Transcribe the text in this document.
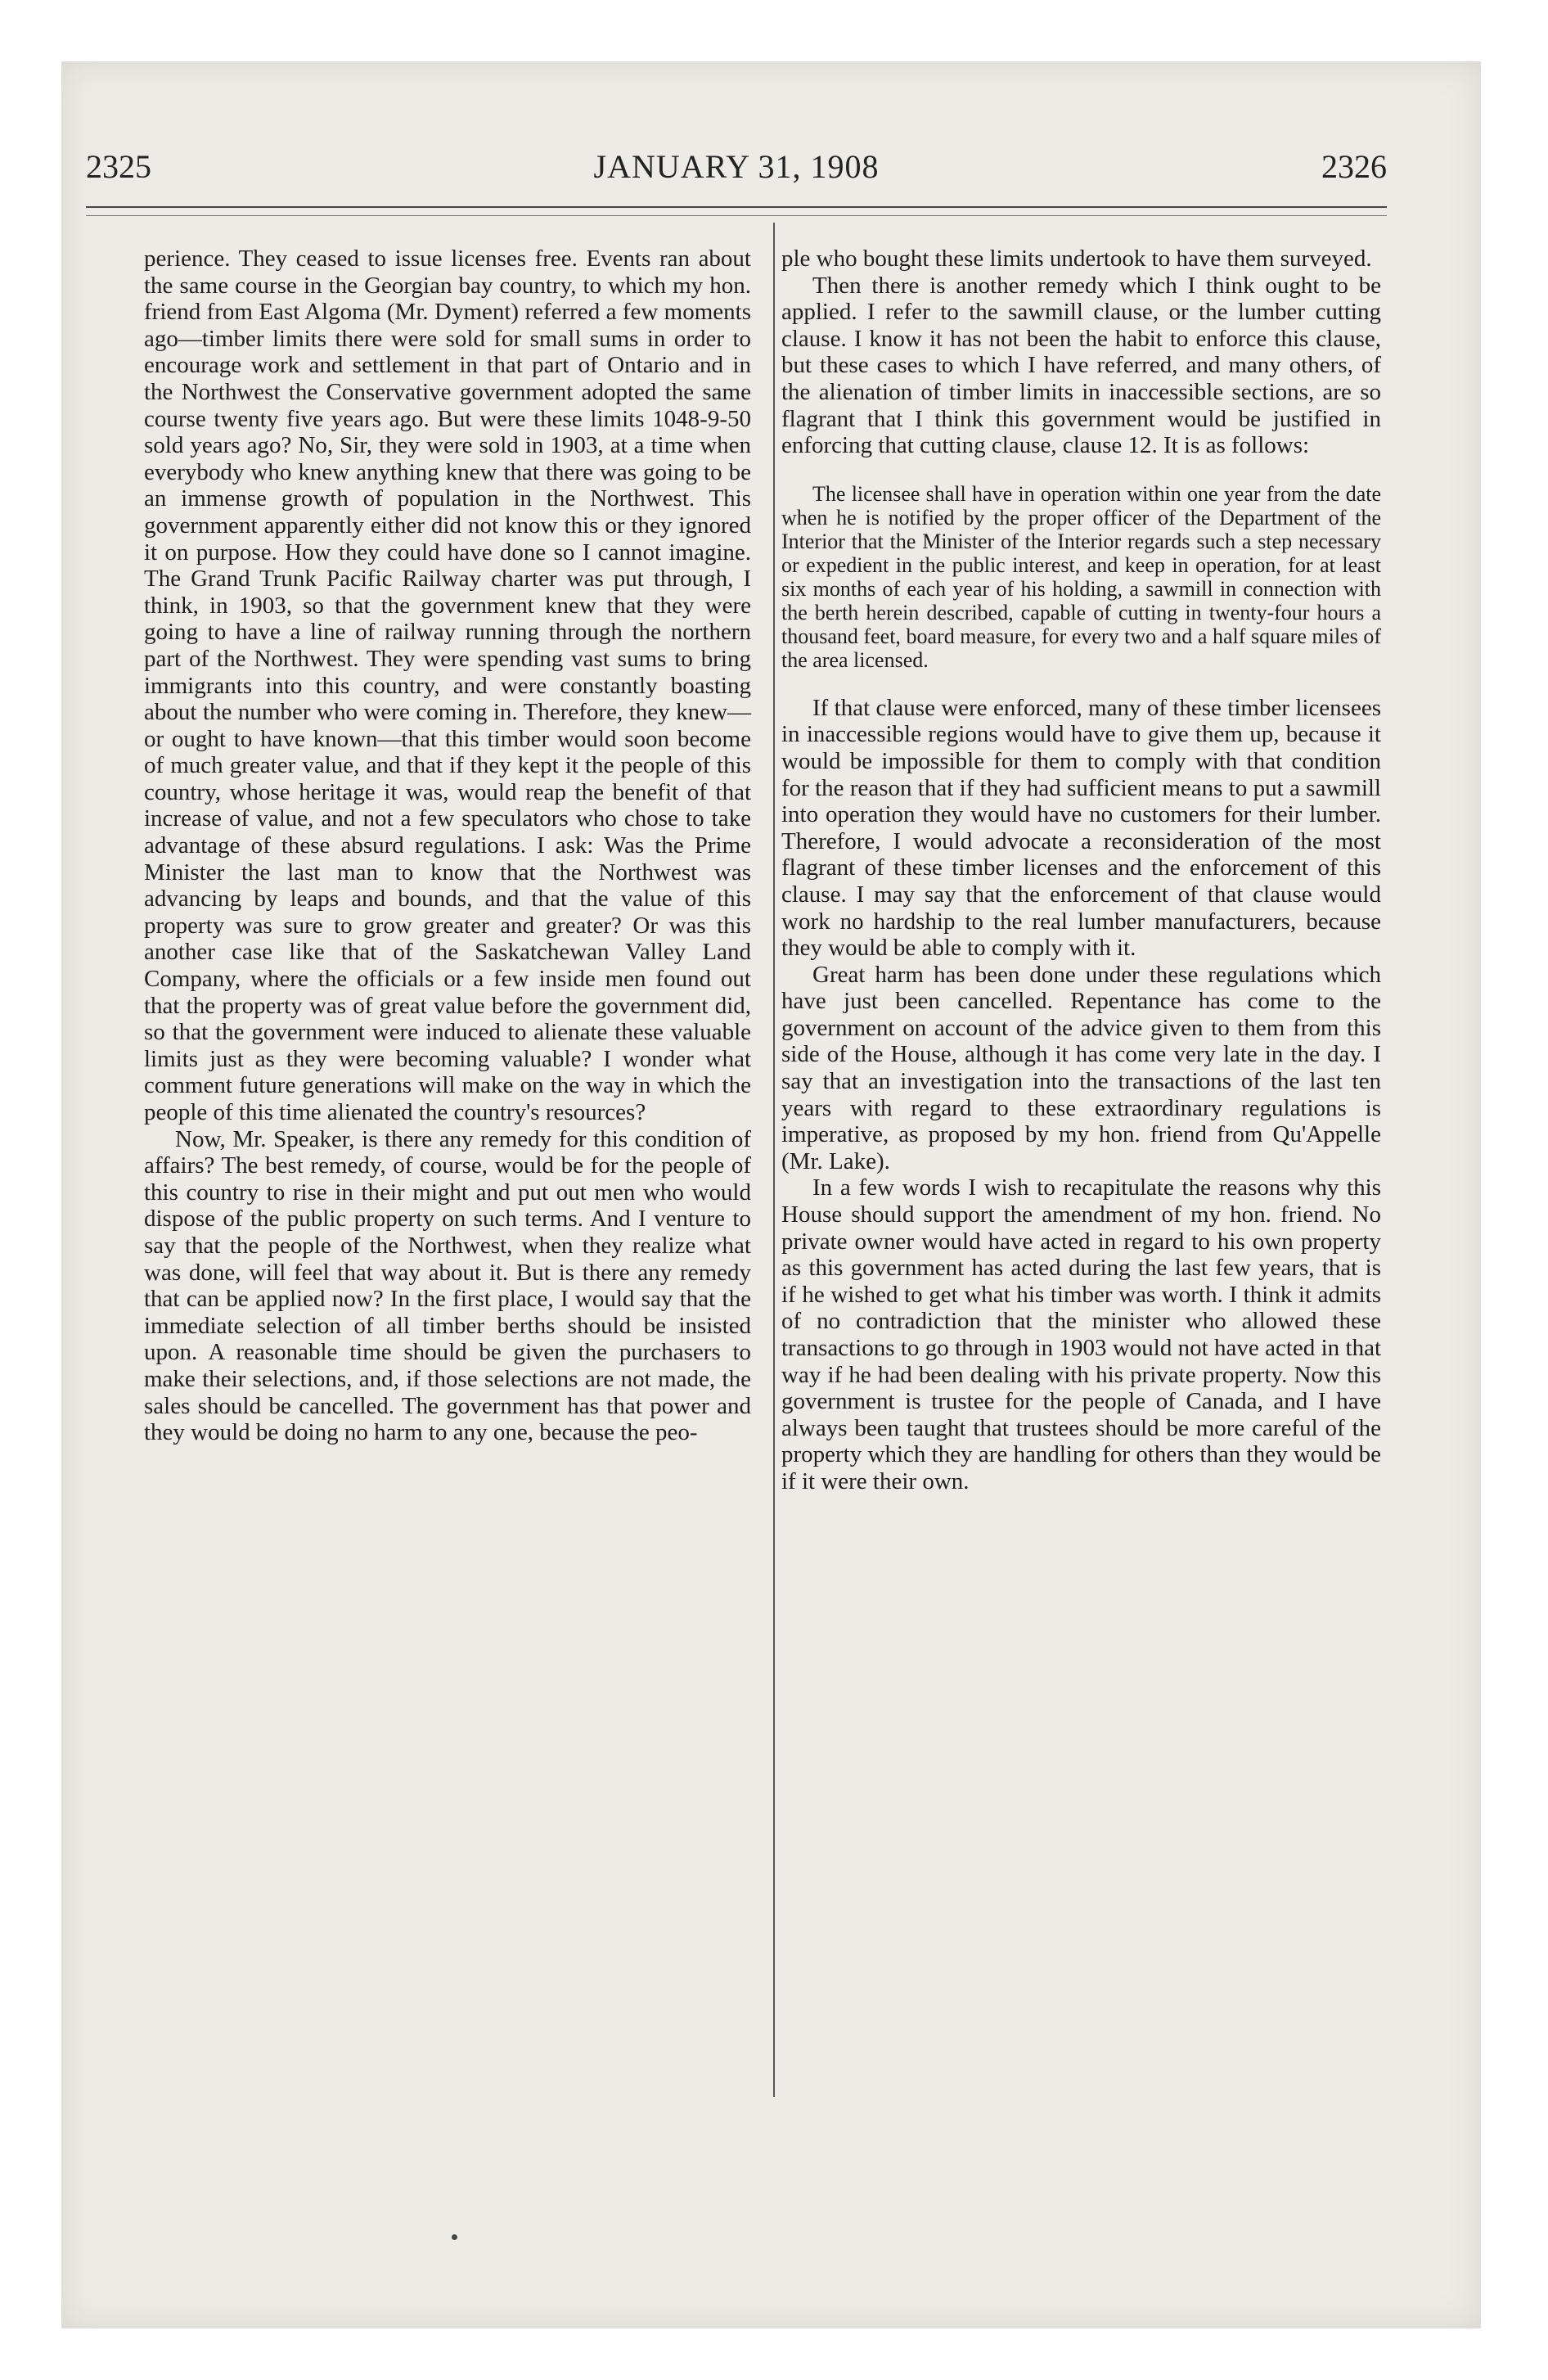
2325	JANUARY 31, 1908	2326

perience. They ceased to issue licenses free. Events ran about the same course in the Georgian bay country, to which my hon. friend from East Algoma (Mr. Dyment) referred a few moments ago—timber limits there were sold for small sums in order to encourage work and settlement in that part of Ontario and in the Northwest the Conservative government adopted the same course twenty five years ago. But were these limits 1048-9-50 sold years ago? No, Sir, they were sold in 1903, at a time when everybody who knew anything knew that there was going to be an immense growth of population in the Northwest. This government apparently either did not know this or they ignored it on purpose. How they could have done so I cannot imagine. The Grand Trunk Pacific Railway charter was put through, I think, in 1903, so that the government knew that they were going to have a line of railway running through the northern part of the Northwest. They were spending vast sums to bring immigrants into this country, and were constantly boasting about the number who were coming in. Therefore, they knew—or ought to have known—that this timber would soon become of much greater value, and that if they kept it the people of this country, whose heritage it was, would reap the benefit of that increase of value, and not a few speculators who chose to take advantage of these absurd regulations. I ask: Was the Prime Minister the last man to know that the Northwest was advancing by leaps and bounds, and that the value of this property was sure to grow greater and greater? Or was this another case like that of the Saskatchewan Valley Land Company, where the officials or a few inside men found out that the property was of great value before the government did, so that the government were induced to alienate these valuable limits just as they were becoming valuable? I wonder what comment future generations will make on the way in which the people of this time alienated the country's resources?

Now, Mr. Speaker, is there any remedy for this condition of affairs? The best remedy, of course, would be for the people of this country to rise in their might and put out men who would dispose of the public property on such terms. And I venture to say that the people of the Northwest, when they realize what was done, will feel that way about it. But is there any remedy that can be applied now? In the first place, I would say that the immediate selection of all timber berths should be insisted upon. A reasonable time should be given the purchasers to make their selections, and, if those selections are not made, the sales should be cancelled. The government has that power and they would be doing no harm to any one, because the peo-

ple who bought these limits undertook to have them surveyed.

Then there is another remedy which I think ought to be applied. I refer to the sawmill clause, or the lumber cutting clause. I know it has not been the habit to enforce this clause, but these cases to which I have referred, and many others, of the alienation of timber limits in inaccessible sections, are so flagrant that I think this government would be justified in enforcing that cutting clause, clause 12. It is as follows:

The licensee shall have in operation within one year from the date when he is notified by the proper officer of the Department of the Interior that the Minister of the Interior regards such a step necessary or expedient in the public interest, and keep in operation, for at least six months of each year of his holding, a sawmill in connection with the berth herein described, capable of cutting in twenty-four hours a thousand feet, board measure, for every two and a half square miles of the area licensed.

If that clause were enforced, many of these timber licensees in inaccessible regions would have to give them up, because it would be impossible for them to comply with that condition for the reason that if they had sufficient means to put a sawmill into operation they would have no customers for their lumber. Therefore, I would advocate a reconsideration of the most flagrant of these timber licenses and the enforcement of this clause. I may say that the enforcement of that clause would work no hardship to the real lumber manufacturers, because they would be able to comply with it.

Great harm has been done under these regulations which have just been cancelled. Repentance has come to the government on account of the advice given to them from this side of the House, although it has come very late in the day. I say that an investigation into the transactions of the last ten years with regard to these extraordinary regulations is imperative, as proposed by my hon. friend from Qu'Appelle (Mr. Lake).

In a few words I wish to recapitulate the reasons why this House should support the amendment of my hon. friend. No private owner would have acted in regard to his own property as this government has acted during the last few years, that is if he wished to get what his timber was worth. I think it admits of no contradiction that the minister who allowed these transactions to go through in 1903 would not have acted in that way if he had been dealing with his private property. Now this government is trustee for the people of Canada, and I have always been taught that trustees should be more careful of the property which they are handling for others than they would be if it were their own.
